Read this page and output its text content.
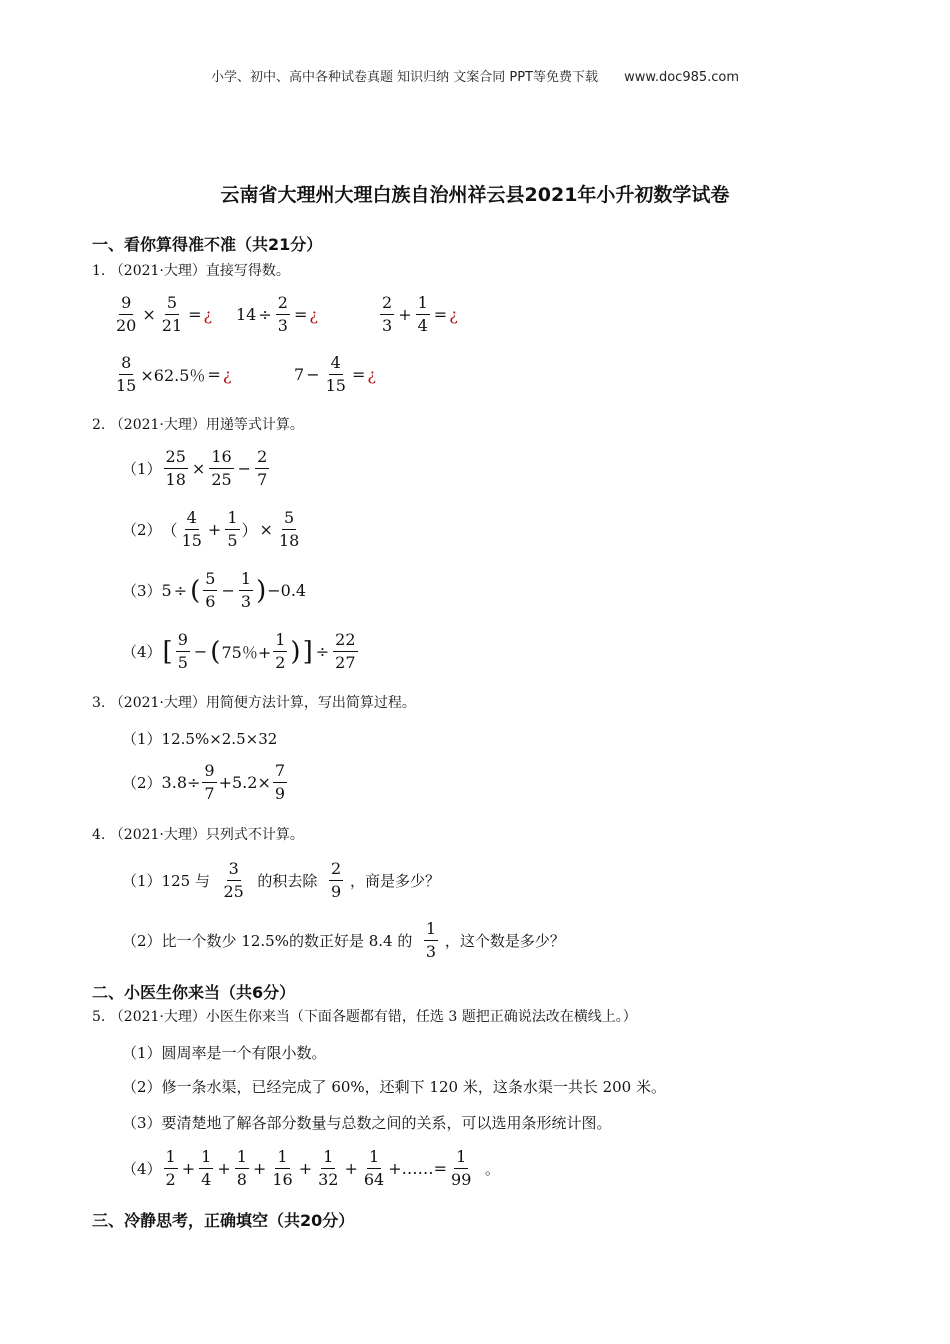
小学、初中、高中各种试卷真题 知识归纳 文案合同 PPT等免费下载 www.doc985.com
云南省大理州大理白族自治州祥云县2021年小升初数学试卷
一、看你算得准不准（共21分）
1. （2021·大理）直接写得数。
$\frac{9}{20} \times \frac{5}{21}$ = ¿ $14 \div \frac{2}{3}$ = ¿	$\frac{2}{3} + \frac{1}{4}$ = ¿
$\frac{8}{15} \times 62.5$％ = ¿	$7 - \frac{4}{15}$ = ¿
2. （2021·大理）用递等式计算。
$(1) \frac{25}{18} \times \frac{16}{25} - \frac{2}{7}$
（2） （ $\frac{4}{15} + \frac{1}{5}$ ） × $\frac{5}{18}$
（3） 5 ÷ ( $\frac{5}{6} - \frac{1}{3}$ ) −0.4
（4） [ $\frac{9}{5}$ − ( 75％+ $\frac{1}{2}$ ) ] ÷ $\frac{22}{27}$
3. （2021·大理）用简便方法计算，写出简算过程。
（1） 12.5%×2.5×32
（2） $3.8\div \frac{9}{7} +5.2\times \frac{7}{9}$
4. （2021·大理）只列式不计算。
（1） 125 与
$\frac{3}{25}$
的积去除
$\frac{2}{9}$
，商是多少？
（2） 比一个数少 12.5%的数正好是 8.4 的
$\frac{1}{3}$
，这个数是多少？
二、小医生你来当（共6分）
5. （2021·大理）小医生你来当（下面各题都有错，任选 3 题把正确说法改在横线上。）
（1）圆周率是一个有限小数。
（2）修一条水渠，已经完成了 60%，还剩下 120 米，这条水渠一共长 200 米。
（3）要清楚地了解各部分数量与总数之间的关系，可以选用条形统计图。
$(4) \frac{1}{2} + \frac{1}{4} + \frac{1}{8} + \frac{1}{16} + \frac{1}{32} + \frac{1}{64}$ +……= $\frac{1}{99}$
。
三、冷静思考，正确填空（共20分）
